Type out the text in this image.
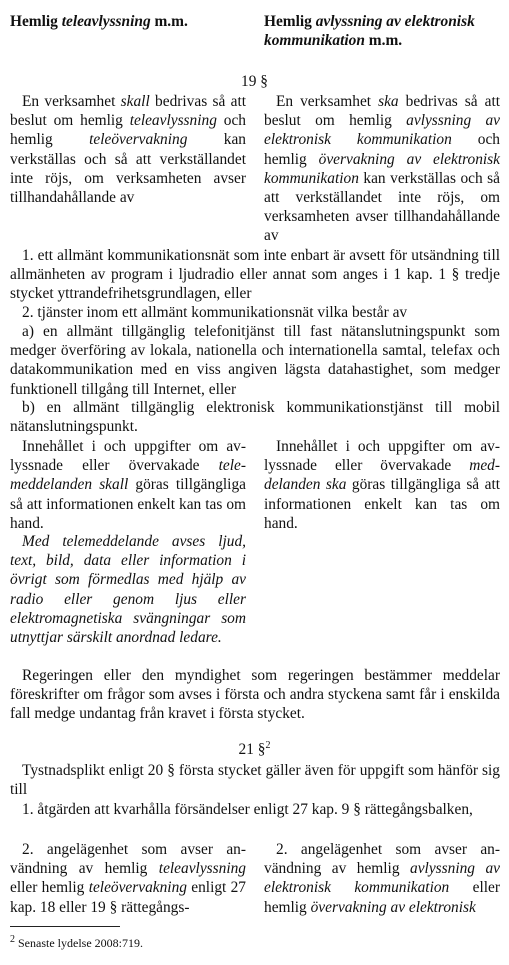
Hemlig teleavlyssning m.m.	Hemlig avlyssning av elektronisk kommunikation m.m.
19 §

En verksamhet skall bedrivas så att beslut om hemlig teleavlyssning och hemlig teleövervakning kan verkställas och så att verkställandet inte röjs, om verksamheten avser tillhandahållande av

En verksamhet ska bedrivas så att beslut om hemlig avlyssning av elektronisk kommunikation och hemlig övervakning av elektronisk kommunikation kan verkställas och så att verkställandet inte röjs, om verksamheten avser tillhandahållande av

1. ett allmänt kommunikationsnät som inte enbart är avsett för utsändning till allmänheten av program i ljudradio eller annat som anges i 1 kap. 1 § tredje stycket yttrandefrihetsgrundlagen, eller

2. tjänster inom ett allmänt kommunikationsnät vilka består av

a) en allmänt tillgänglig telefonitjänst till fast nätanslutningspunkt som medger överföring av lokala, nationella och internationella samtal, telefax och datakommunikation med en viss angiven lägsta datahastighet, som medger funktionell tillgång till Internet, eller

b) en allmänt tillgänglig elektronisk kommunikationstjänst till mobil nätanslutningspunkt.

Innehållet i och uppgifter om avlyssnade eller övervakade telemeddelanden skall göras tillgängliga så att informationen enkelt kan tas om hand.

Innehållet i och uppgifter om avlyssnade eller övervakade meddelanden ska göras tillgängliga så att informationen enkelt kan tas om hand.

Med telemeddelande avses ljud, text, bild, data eller information i övrigt som förmedlas med hjälp av radio eller genom ljus eller elektromagnetiska svängningar som utnyttjar särskilt anordnad ledare.

Regeringen eller den myndighet som regeringen bestämmer meddelar föreskrifter om frågor som avses i första och andra styckena samt får i enskilda fall medge undantag från kravet i första stycket.

21 §$^2$

Tystnadsplikt enligt 20 § första stycket gäller även för uppgift som hänför sig till

1. åtgärden att kvarhålla försändelser enligt 27 kap. 9 § rättegångsbalken,

2. angelägenhet som avser användning av hemlig teleavlyssning eller hemlig teleövervakning enligt 27 kap. 18 eller 19 § rättegångs-

2. angelägenhet som avser användning av hemlig avlyssning av elektronisk kommunikation eller hemlig övervakning av elektronisk

$^2$ Senaste lydelse 2008:719.
